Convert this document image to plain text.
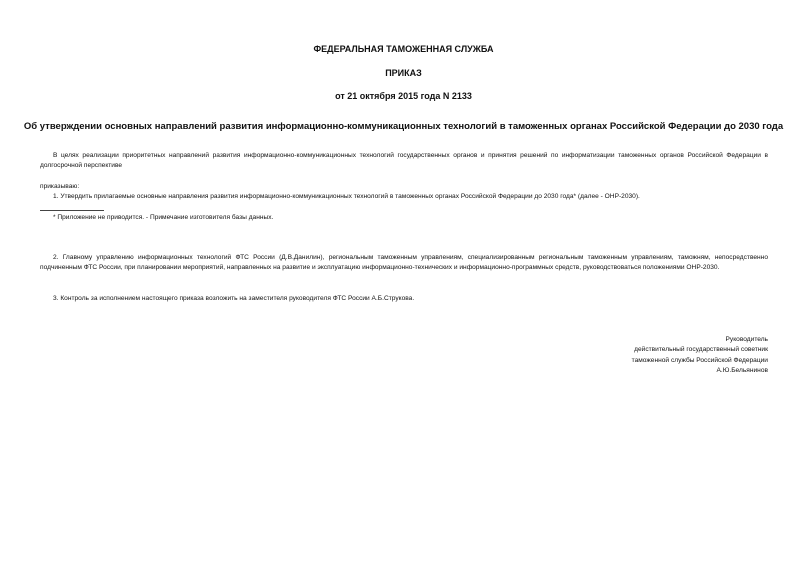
ФЕДЕРАЛЬНАЯ ТАМОЖЕННАЯ СЛУЖБА
ПРИКАЗ
от 21 октября 2015 года N 2133
Об утверждении основных направлений развития информационно-коммуникационных технологий в таможенных органах Российской Федерации до 2030 года
В целях реализации приоритетных направлений развития информационно-коммуникационных технологий государственных органов и принятия решений по информатизации таможенных органов Российской Федерации в долгосрочной перспективе
приказываю:
1. Утвердить прилагаемые основные направления развития информационно-коммуникационных технологий в таможенных органах Российской Федерации до 2030 года* (далее - ОНР-2030).
* Приложение не приводится. - Примечание изготовителя базы данных.
2. Главному управлению информационных технологий ФТС России (Д.В.Данилин), региональным таможенным управлениям, специализированным региональным таможенным управлениям, таможням, непосредственно подчиненным ФТС России, при планировании мероприятий, направленных на развитие и эксплуатацию информационно-технических и информационно-программных средств, руководствоваться положениями ОНР-2030.
3. Контроль за исполнением настоящего приказа возложить на заместителя руководителя ФТС России А.Б.Струкова.
Руководитель
действительный государственный советник
таможенной службы Российской Федерации
А.Ю.Бельянинов
